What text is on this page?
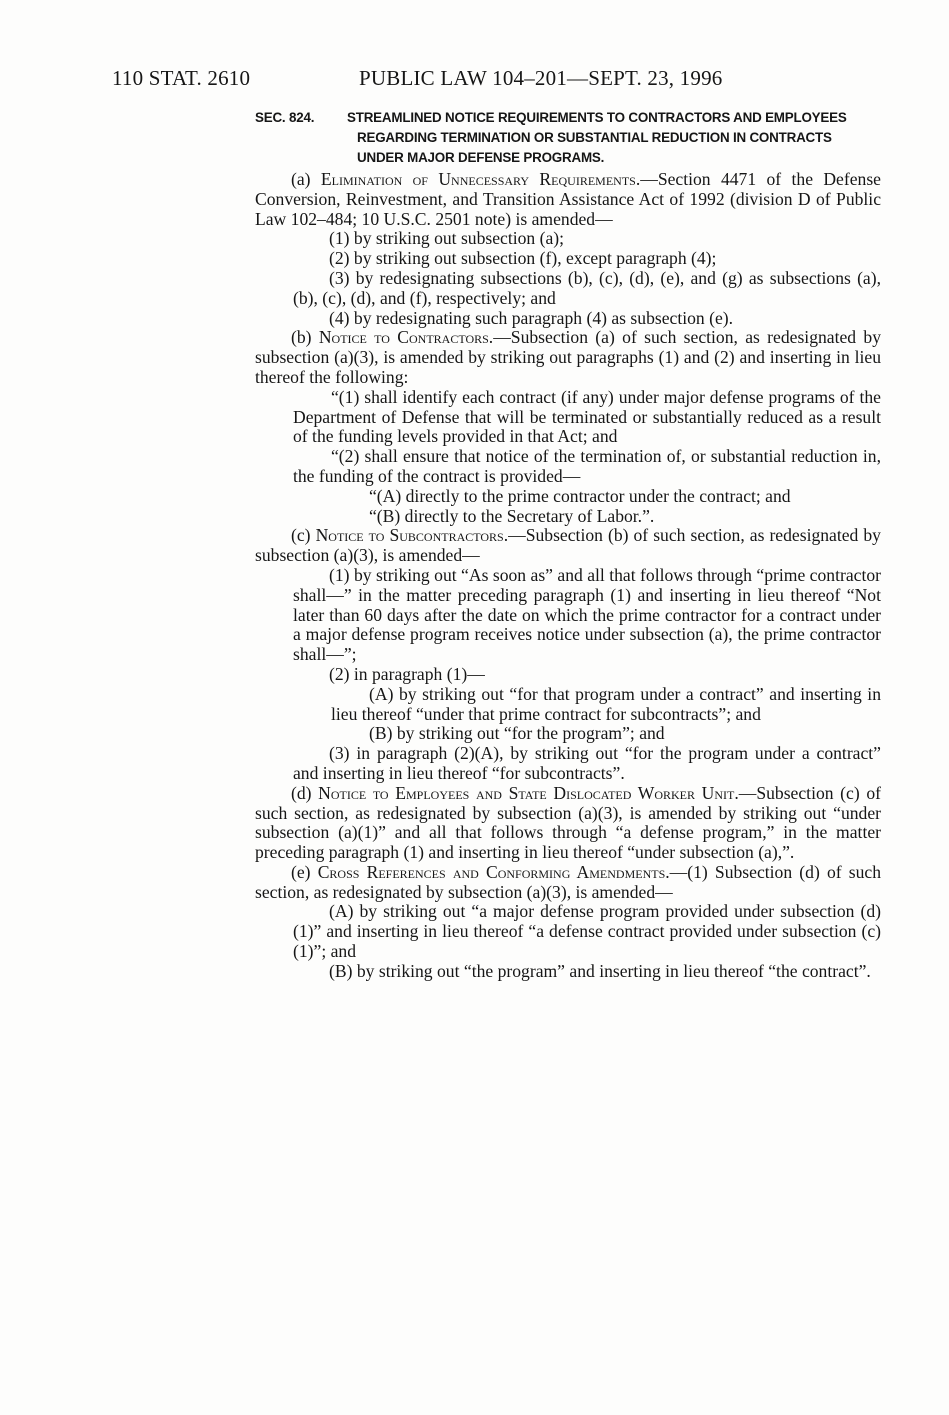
110 STAT. 2610	PUBLIC LAW 104–201—SEPT. 23, 1996
SEC. 824. STREAMLINED NOTICE REQUIREMENTS TO CONTRACTORS AND EMPLOYEES REGARDING TERMINATION OR SUBSTANTIAL REDUCTION IN CONTRACTS UNDER MAJOR DEFENSE PROGRAMS.

(a) Elimination of Unnecessary Requirements.—Section 4471 of the Defense Conversion, Reinvestment, and Transition Assistance Act of 1992 (division D of Public Law 102–484; 10 U.S.C. 2501 note) is amended—

(1) by striking out subsection (a);

(2) by striking out subsection (f), except paragraph (4);

(3) by redesignating subsections (b), (c), (d), (e), and (g) as subsections (a), (b), (c), (d), and (f), respectively; and

(4) by redesignating such paragraph (4) as subsection (e).

(b) Notice to Contractors.—Subsection (a) of such section, as redesignated by subsection (a)(3), is amended by striking out paragraphs (1) and (2) and inserting in lieu thereof the following:

“(1) shall identify each contract (if any) under major defense programs of the Department of Defense that will be terminated or substantially reduced as a result of the funding levels provided in that Act; and

“(2) shall ensure that notice of the termination of, or substantial reduction in, the funding of the contract is provided—

“(A) directly to the prime contractor under the contract; and

“(B) directly to the Secretary of Labor.”.

(c) Notice to Subcontractors.—Subsection (b) of such section, as redesignated by subsection (a)(3), is amended—

(1) by striking out “As soon as” and all that follows through “prime contractor shall—” in the matter preceding paragraph (1) and inserting in lieu thereof “Not later than 60 days after the date on which the prime contractor for a contract under a major defense program receives notice under subsection (a), the prime contractor shall—”;

(2) in paragraph (1)—

(A) by striking out “for that program under a contract” and inserting in lieu thereof “under that prime contract for subcontracts”; and

(B) by striking out “for the program”; and

(3) in paragraph (2)(A), by striking out “for the program under a contract” and inserting in lieu thereof “for subcontracts”.

(d) Notice to Employees and State Dislocated Worker Unit.—Subsection (c) of such section, as redesignated by subsection (a)(3), is amended by striking out “under subsection (a)(1)” and all that follows through “a defense program,” in the matter preceding paragraph (1) and inserting in lieu thereof “under subsection (a),”.

(e) Cross References and Conforming Amendments.—(1) Subsection (d) of such section, as redesignated by subsection (a)(3), is amended—

(A) by striking out “a major defense program provided under subsection (d)(1)” and inserting in lieu thereof “a defense contract provided under subsection (c)(1)”; and

(B) by striking out “the program” and inserting in lieu thereof “the contract”.
